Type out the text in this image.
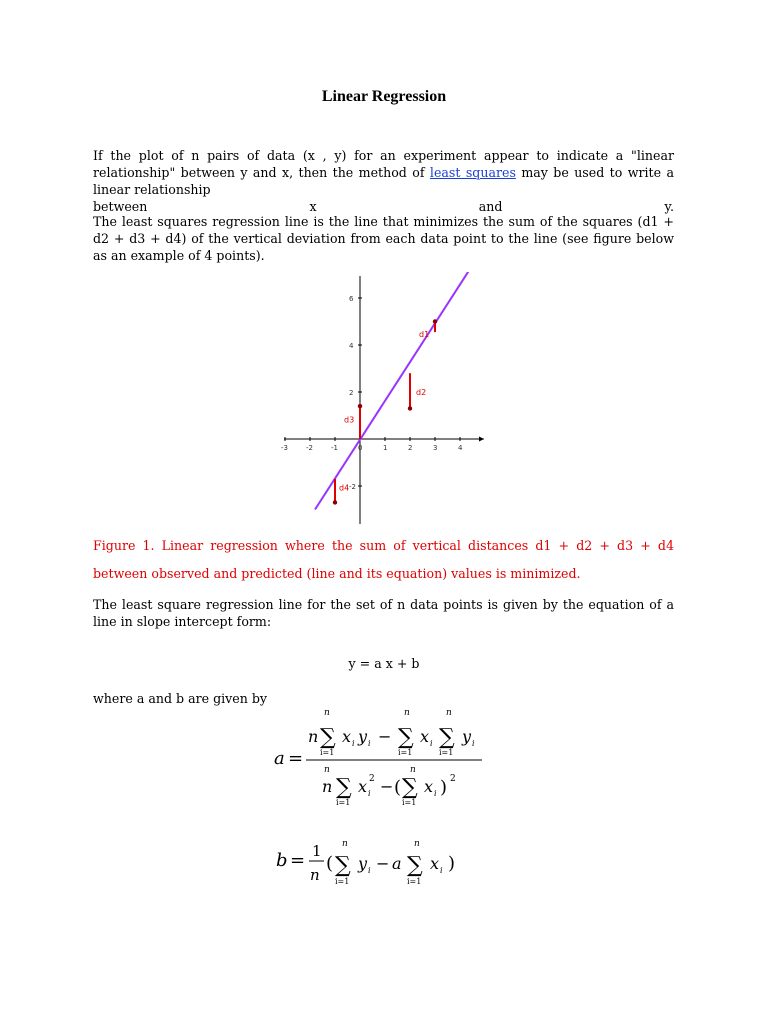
Linear Regression

If the plot of n pairs of data (x , y) for an experiment appear to indicate a "linear relationship" between y and x, then the method of least squares may be used to write a linear relationship

between	x	and	y.

The least squares regression line is the line that minimizes the sum of the squares (d1 + d2 + d3 + d4) of the vertical deviation from each data point to the line (see figure below as an example of 4 points).
-3	-2	-1	0	1	2	3	4
-2
2
4
6
d1
d2
d3
d4
Figure 1. Linear regression where the sum of vertical distances d1 + d2 + d3 + d4 between observed and predicted (line and its equation) values is minimized.
The least square regression line for the set of n data points is given by the equation of a line in slope intercept form:
y = a x + b
where a and b are given by
a =
n
n
∑
i=1
x i y i −
n
∑
i=1
x i
n
∑
i=1
y i
n
n ∑
i=1
x i
2 − (
n
∑
i=1
x i ) 2
b = 1
n
(
n
∑
i=1
y i − a
n
∑
i=1
x i )
